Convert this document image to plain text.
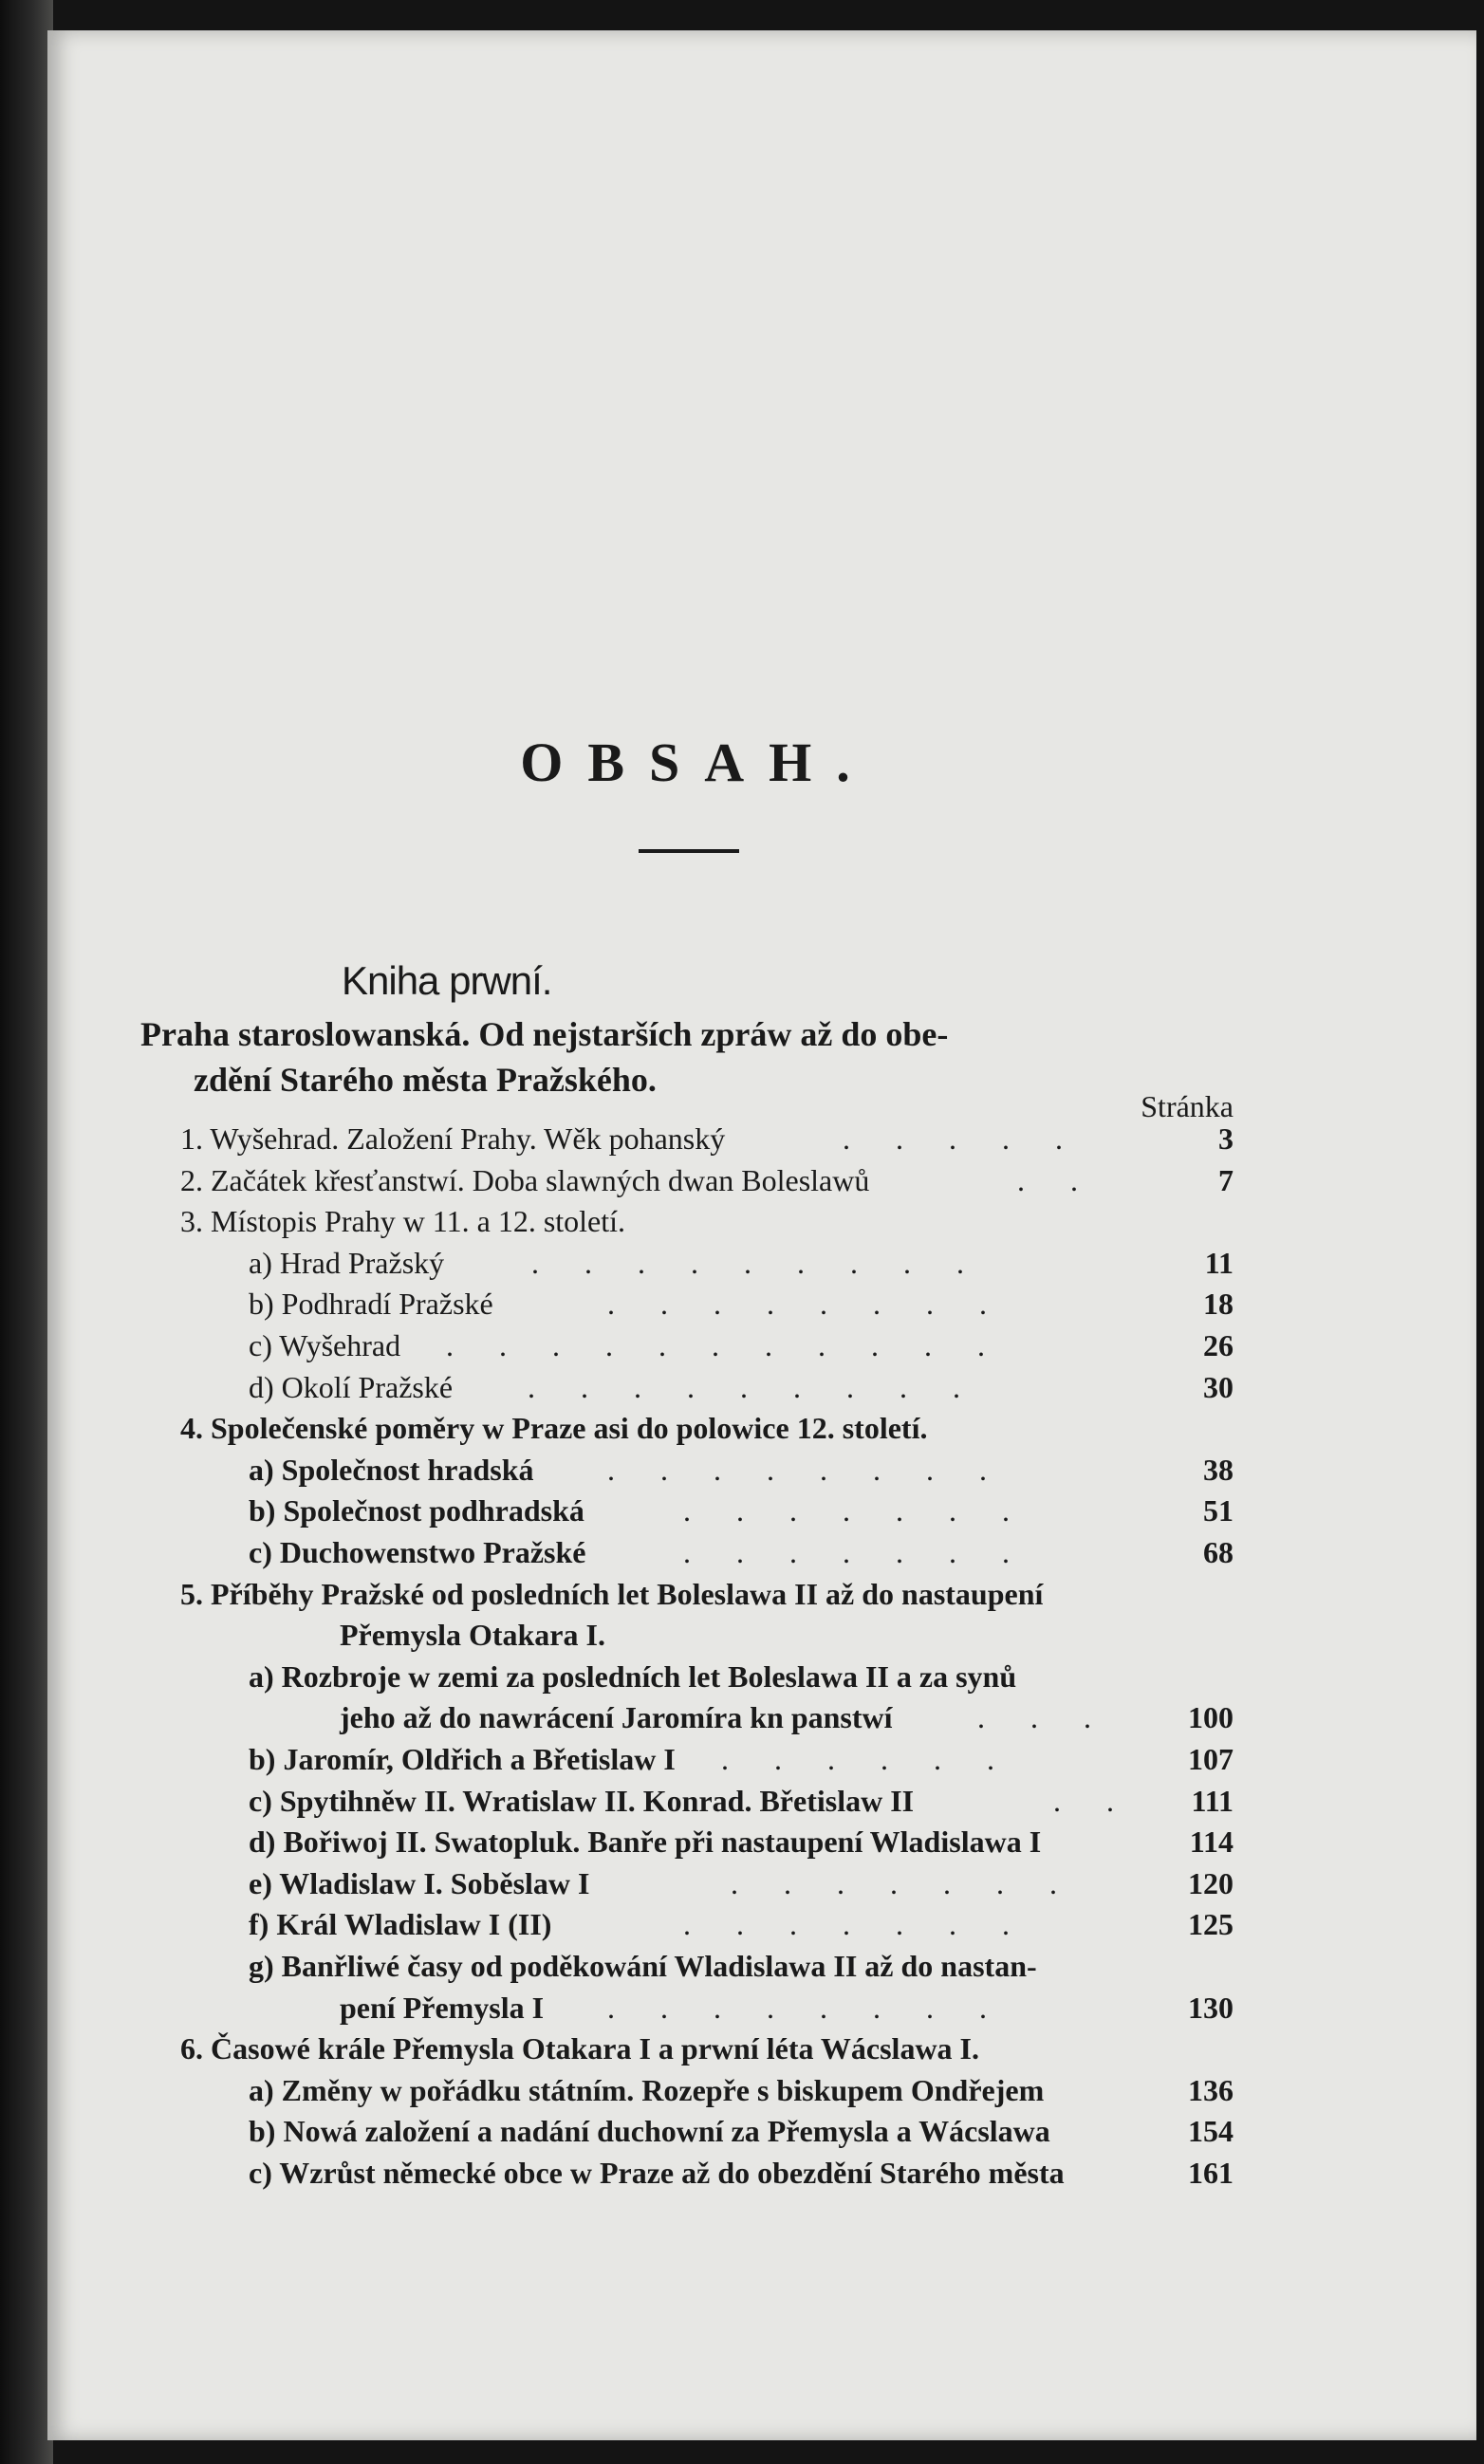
OBSAH.
Kniha prwní.
Praha staroslowanská. Od nejstarších zpráw až do obe-
zdění Starého města Pražského.
Stránka
1. Wyšehrad. Založení Prahy. Wěk pohanský	. . . . .	3
2. Začátek křesťanstwí. Doba slawných dwan Boleslawů	. .	7
3. Místopis Prahy w 11. a 12. století.
a) Hrad Pražský	. . . . . . . . .	11
b) Podhradí Pražské	. . . . . . . .	18
c) Wyšehrad . . . . . . . . . . .	26
d) Okolí Pražské . . . . . . . . .	30
4. Společenské poměry w Praze asi do polowice 12. století.
a) Společnost hradská . . . . . . . .	38
b) Společnost podhradská	. . . . . . .	51
c) Duchowenstwo Pražské	. . . . . . .	68
5. Příběhy Pražské od posledních let Boleslawa II až do nastaupení
Přemysla Otakara I.
a) Rozbroje w zemi za posledních let Boleslawa II a za synů
jeho až do nawrácení Jaromíra kn panstwí	. . .	100
b) Jaromír, Oldřich a Břetislaw I . . . . . .	107
c) Spytihněw II. Wratislaw II. Konrad. Břetislaw II	. . 111
d) Bořiwoj II. Swatopluk. Banře při nastaupení Wladislawa I	114
e) Wladislaw I. Soběslaw I	. . . . . . .	120
f) Král Wladislaw I (II)	. . . . . . .	125
g) Banřliwé časy od poděkowání Wladislawa II až do nastan-
pení Přemysla I . . . . . . . .	130
6. Časowé krále Přemysla Otakara I a prwní léta Wácslawa I.
a) Změny w pořádku státním. Rozepře s biskupem Ondřejem	136
b) Nowá založení a nadání duchowní za Přemysla a Wácslawa	154
c) Wzrůst německé obce w Praze až do obezdění Starého města	161
